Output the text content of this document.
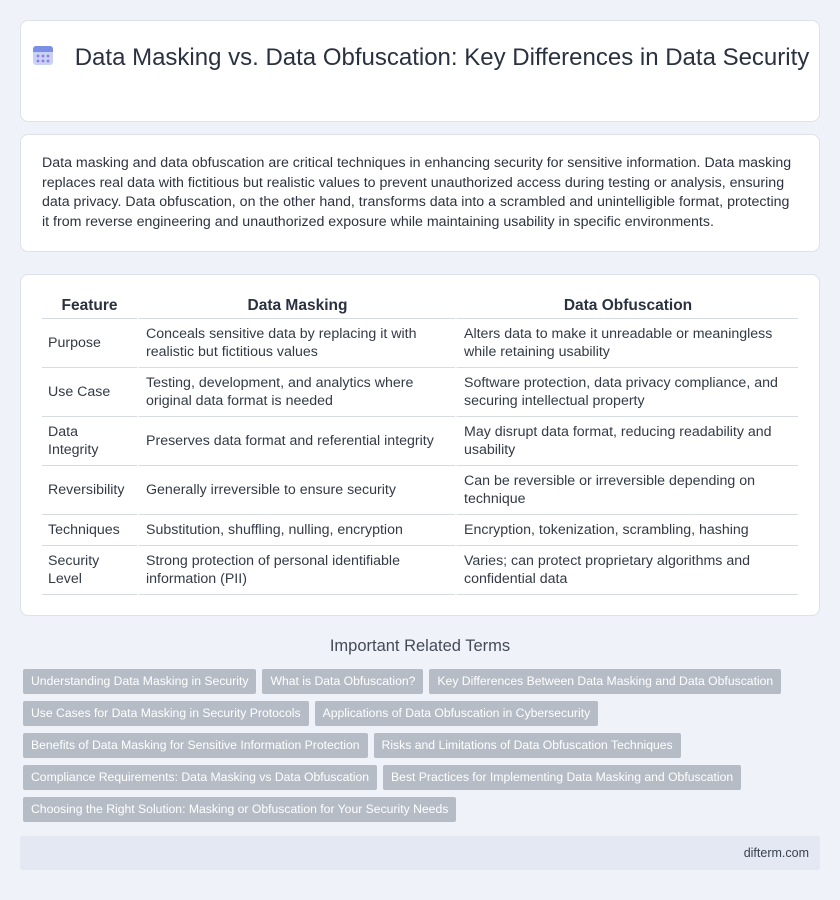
Data Masking vs. Data Obfuscation: Key Differences in Data Security

Data masking and data obfuscation are critical techniques in enhancing security for sensitive information. Data masking replaces real data with fictitious but realistic values to prevent unauthorized access during testing or analysis, ensuring data privacy. Data obfuscation, on the other hand, transforms data into a scrambled and unintelligible format, protecting it from reverse engineering and unauthorized exposure while maintaining usability in specific environments.

Feature	Data Masking	Data Obfuscation
Purpose	Conceals sensitive data by replacing it with realistic but fictitious values	Alters data to make it unreadable or meaningless while retaining usability
Use Case	Testing, development, and analytics where original data format is needed	Software protection, data privacy compliance, and securing intellectual property
Data Integrity	Preserves data format and referential integrity	May disrupt data format, reducing readability and usability
Reversibility	Generally irreversible to ensure security	Can be reversible or irreversible depending on technique
Techniques	Substitution, shuffling, nulling, encryption	Encryption, tokenization, scrambling, hashing
Security Level	Strong protection of personal identifiable information (PII)	Varies; can protect proprietary algorithms and confidential data
Important Related Terms
Understanding Data Masking in Security What is Data Obfuscation? Key Differences Between Data Masking and Data Obfuscation
Use Cases for Data Masking in Security Protocols Applications of Data Obfuscation in Cybersecurity
Benefits of Data Masking for Sensitive Information Protection Risks and Limitations of Data Obfuscation Techniques
Compliance Requirements: Data Masking vs Data Obfuscation Best Practices for Implementing Data Masking and Obfuscation
Choosing the Right Solution: Masking or Obfuscation for Your Security Needs
difterm.com
